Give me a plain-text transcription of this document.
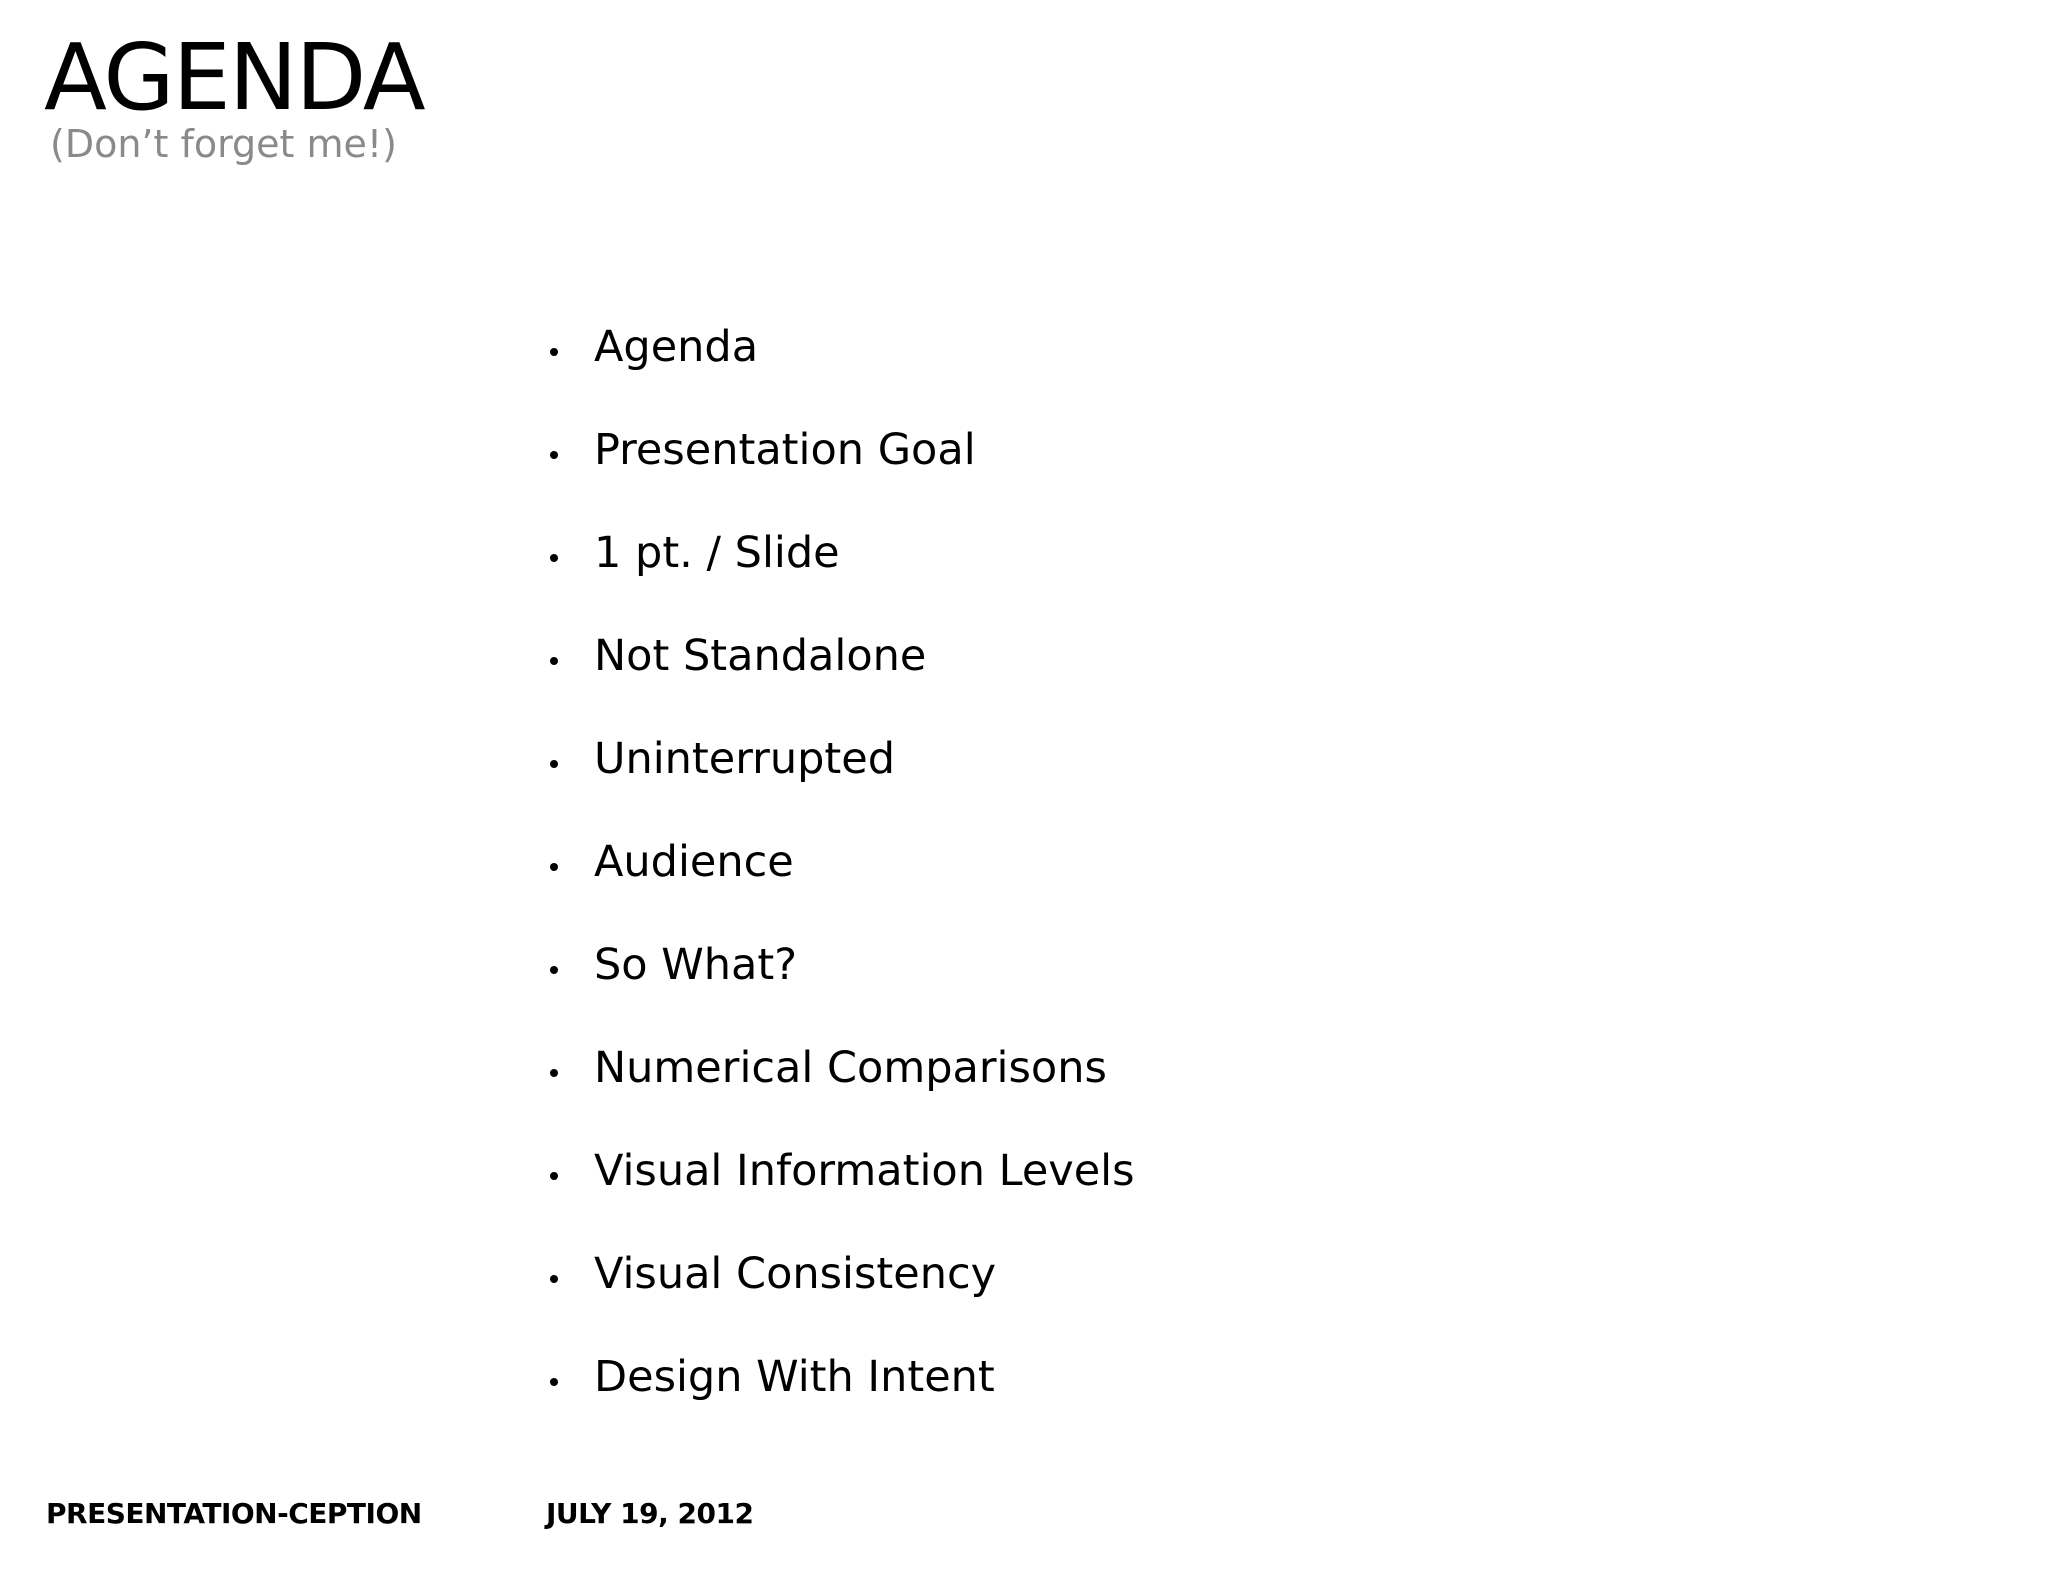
AGENDA

(Don’t forget me!)

Agenda
Presentation Goal
1 pt. / Slide
Not Standalone
Uninterrupted
Audience
So What?
Numerical Comparisons
Visual Information Levels
Visual Consistency
Design With Intent
PRESENTATION-CEPTION	JULY 19, 2012
